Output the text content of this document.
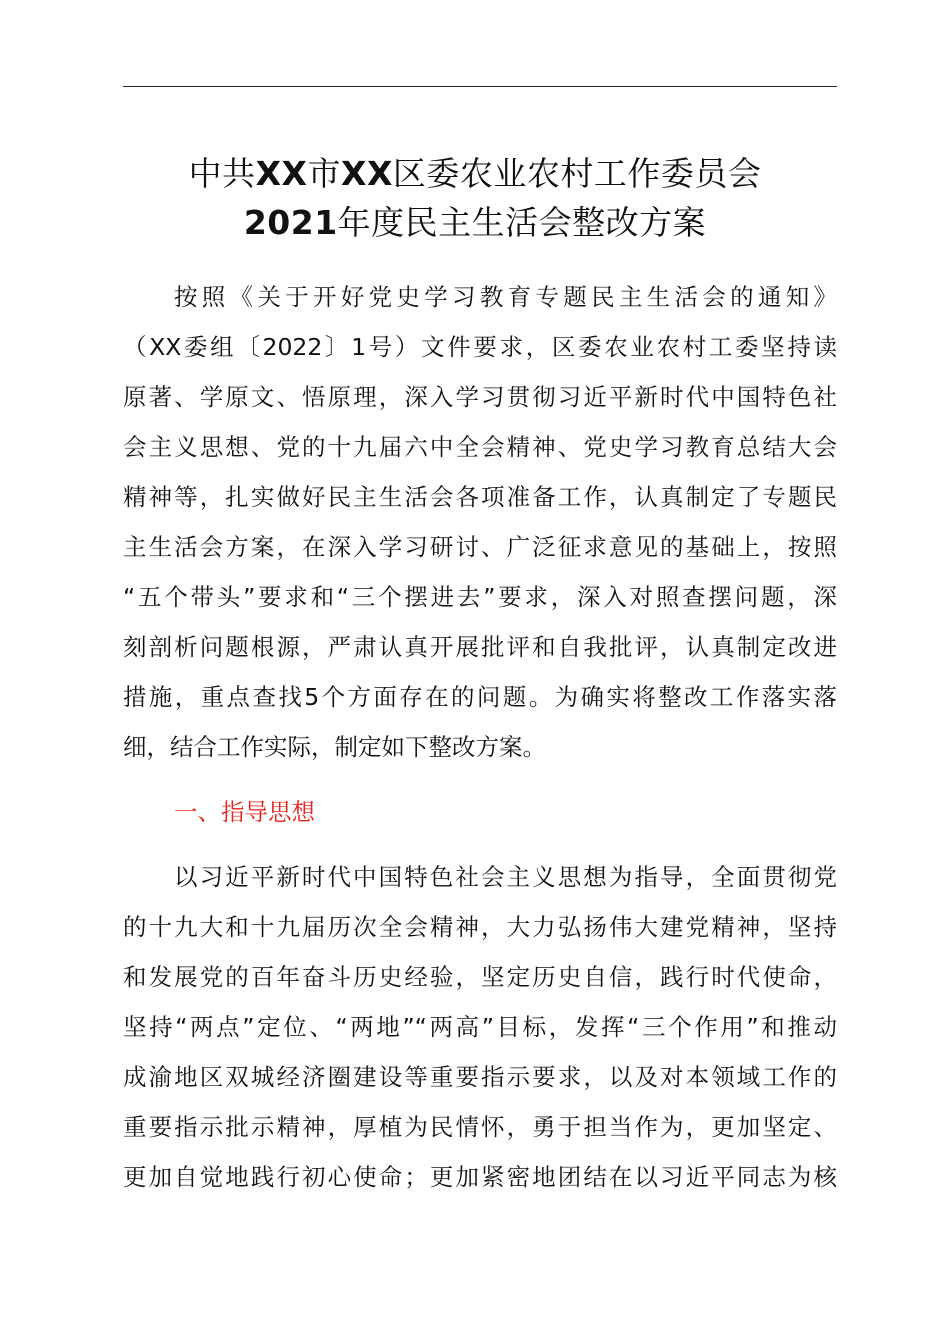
中共XX市XX区委农业农村工作委员会
2021年度民主生活会整改方案
按照《关于开好党史学习教育专题民主生活会的通知》
（XX委组〔2022〕1号）文件要求，区委农业农村工委坚持读
原著、学原文、悟原理，深入学习贯彻习近平新时代中国特色社
会主义思想、党的十九届六中全会精神、党史学习教育总结大会
精神等，扎实做好民主生活会各项准备工作，认真制定了专题民
主生活会方案，在深入学习研讨、广泛征求意见的基础上，按照
“五个带头”要求和“三个摆进去”要求，深入对照查摆问题，深
刻剖析问题根源，严肃认真开展批评和自我批评，认真制定改进
措施，重点查找5个方面存在的问题。为确实将整改工作落实落
细，结合工作实际，制定如下整改方案。
一、指导思想
以习近平新时代中国特色社会主义思想为指导，全面贯彻党
的十九大和十九届历次全会精神，大力弘扬伟大建党精神，坚持
和发展党的百年奋斗历史经验，坚定历史自信，践行时代使命，
坚持“两点”定位、“两地”“两高”目标，发挥“三个作用”和推动
成渝地区双城经济圈建设等重要指示要求，以及对本领域工作的
重要指示批示精神，厚植为民情怀，勇于担当作为，更加坚定、
更加自觉地践行初心使命；更加紧密地团结在以习近平同志为核
